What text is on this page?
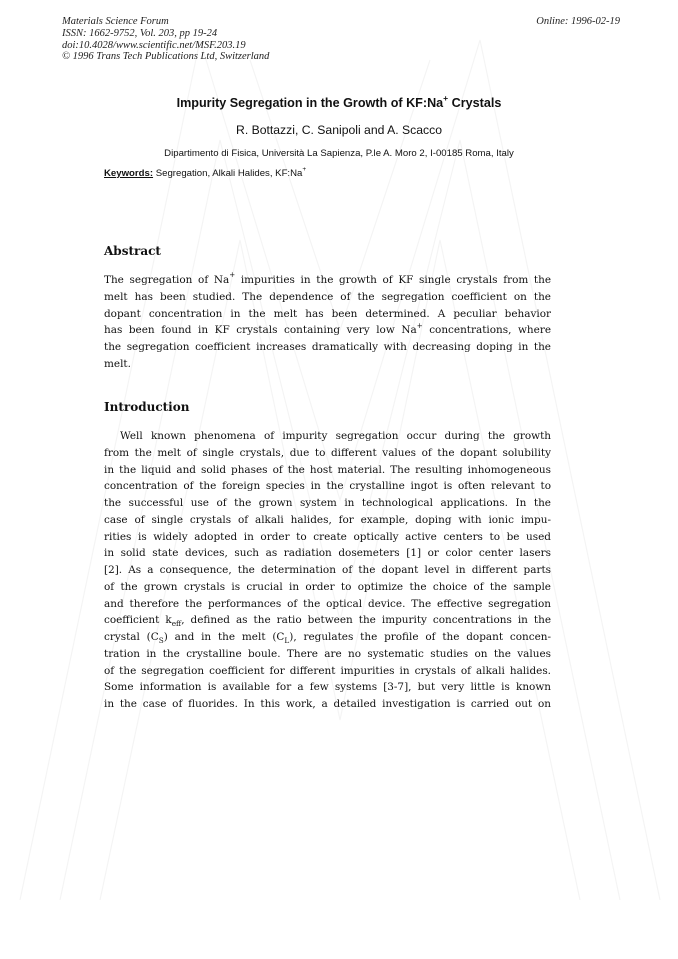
Materials Science Forum
ISSN: 1662-9752, Vol. 203, pp 19-24
doi:10.4028/www.scientific.net/MSF.203.19
© 1996 Trans Tech Publications Ltd, Switzerland
Online: 1996-02-19
Impurity Segregation in the Growth of KF:Na+ Crystals
R. Bottazzi, C. Sanipoli and A. Scacco
Dipartimento di Fisica, Università La Sapienza, P.le A. Moro 2, I-00185 Roma, Italy
Keywords: Segregation, Alkali Halides, KF:Na+
Abstract
The segregation of Na+ impurities in the growth of KF single crystals from the
melt has been studied. The dependence of the segregation coefficient on the
dopant concentration in the melt has been determined. A peculiar behavior
has been found in KF crystals containing very low Na+ concentrations, where
the segregation coefficient increases dramatically with decreasing doping in the
melt.
Introduction
Well known phenomena of impurity segregation occur during the growth
from the melt of single crystals, due to different values of the dopant solubility
in the liquid and solid phases of the host material. The resulting inhomogeneous
concentration of the foreign species in the crystalline ingot is often relevant to
the successful use of the grown system in technological applications. In the
case of single crystals of alkali halides, for example, doping with ionic impu-
rities is widely adopted in order to create optically active centers to be used
in solid state devices, such as radiation dosemeters [1] or color center lasers
[2]. As a consequence, the determination of the dopant level in different parts
of the grown crystals is crucial in order to optimize the choice of the sample
and therefore the performances of the optical device. The effective segregation
coefficient $k_{eff}$, defined as the ratio between the impurity concentrations in the
crystal $(C_S)$ and in the melt $(C_L)$, regulates the profile of the dopant concen-
tration in the crystalline boule. There are no systematic studies on the values
of the segregation coefficient for different impurities in crystals of alkali halides.
Some information is available for a few systems [3-7], but very little is known
in the case of fluorides. In this work, a detailed investigation is carried out on
